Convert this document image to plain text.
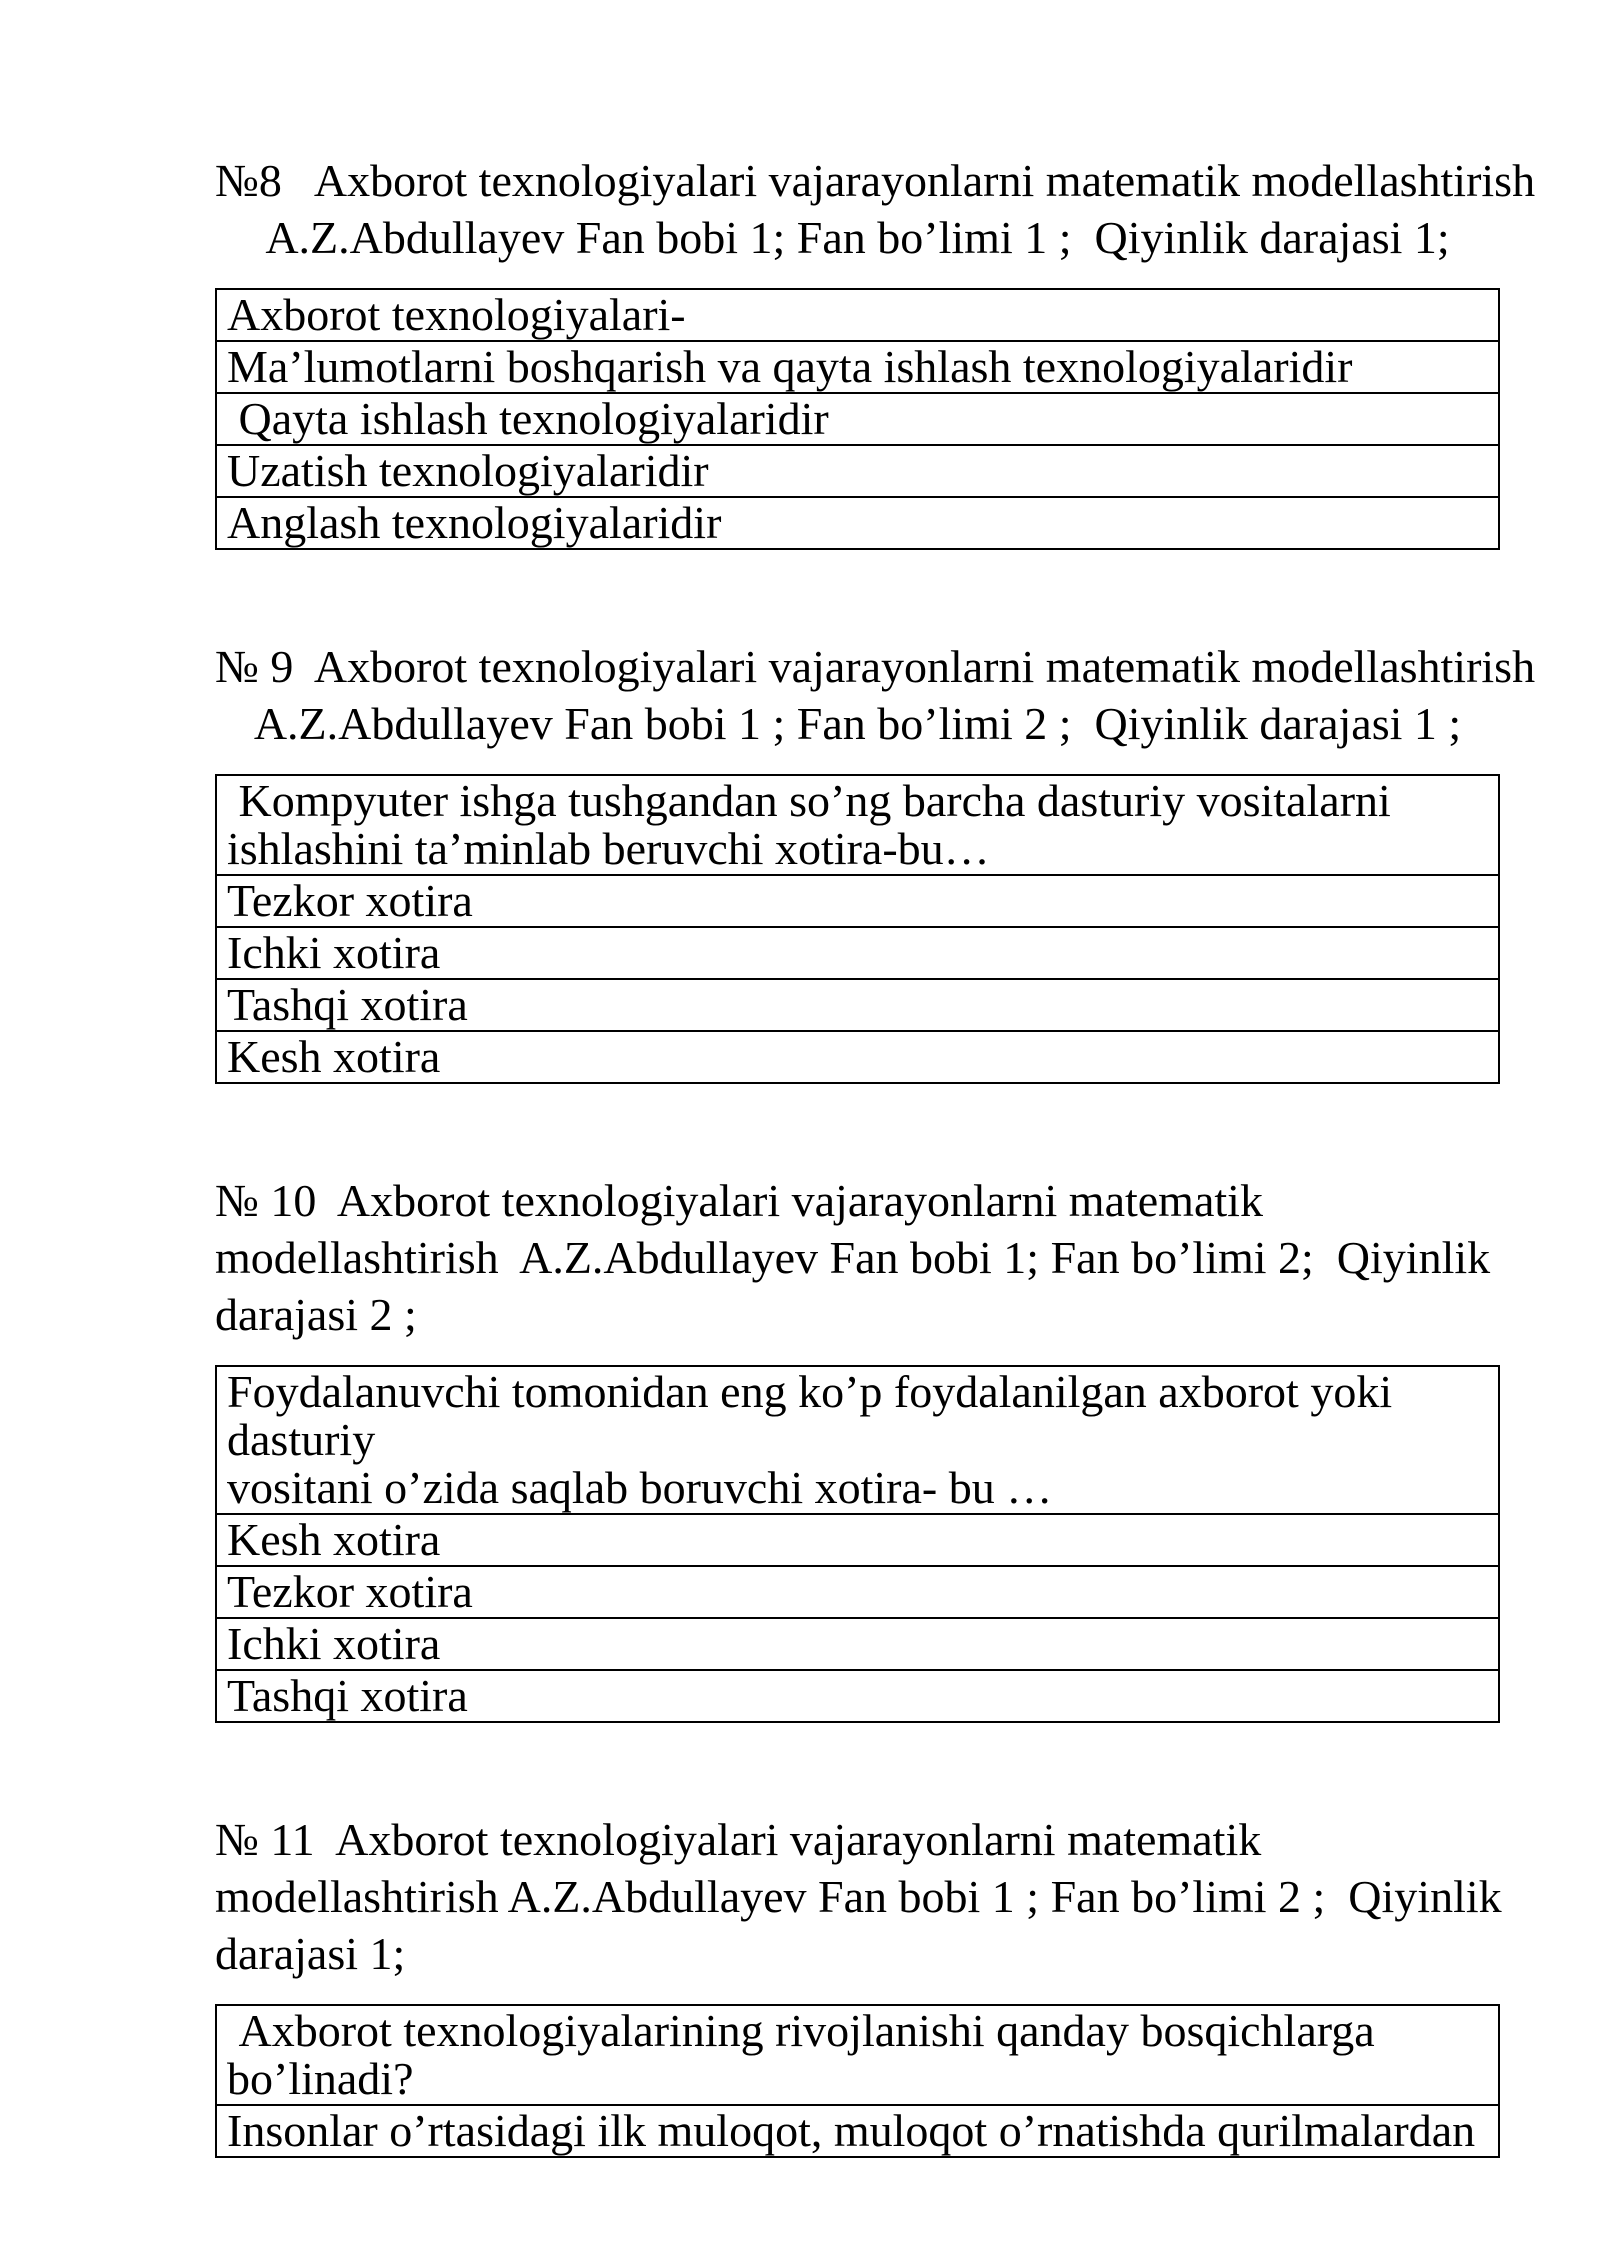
№8   Axborot texnologiyalari vajarayonlarni matematik modellashtirish
A.Z.Abdullayev Fan bobi 1; Fan bo’limi 1 ;  Qiyinlik darajasi 1;
Axborot texnologiyalari-

Ma’lumotlarni boshqarish va qayta ishlash texnologiyalaridir

Qayta ishlash texnologiyalaridir

Uzatish texnologiyalaridir

Anglash texnologiyalaridir
№ 9  Axborot texnologiyalari vajarayonlarni matematik modellashtirish
A.Z.Abdullayev Fan bobi 1 ; Fan bo’limi 2 ;  Qiyinlik darajasi 1 ;
Kompyuter ishga tushgandan so’ng barcha dasturiy vositalarni
ishlashini ta’minlab beruvchi xotira-bu…

Tezkor xotira

Ichki xotira

Tashqi xotira

Kesh xotira
№ 10  Axborot texnologiyalari vajarayonlarni matematik
modellashtirish  A.Z.Abdullayev Fan bobi 1; Fan bo’limi 2;  Qiyinlik
darajasi 2 ;
Foydalanuvchi tomonidan eng ko’p foydalanilgan axborot yoki dasturiy
vositani o’zida saqlab boruvchi xotira- bu …

Kesh xotira

Tezkor xotira

Ichki xotira

Tashqi xotira
№ 11  Axborot texnologiyalari vajarayonlarni matematik
modellashtirish A.Z.Abdullayev Fan bobi 1 ; Fan bo’limi 2 ;  Qiyinlik
darajasi 1;
Axborot texnologiyalarining rivojlanishi qanday bosqichlarga
bo’linadi?

Insonlar o’rtasidagi ilk muloqot, muloqot o’rnatishda qurilmalardan
